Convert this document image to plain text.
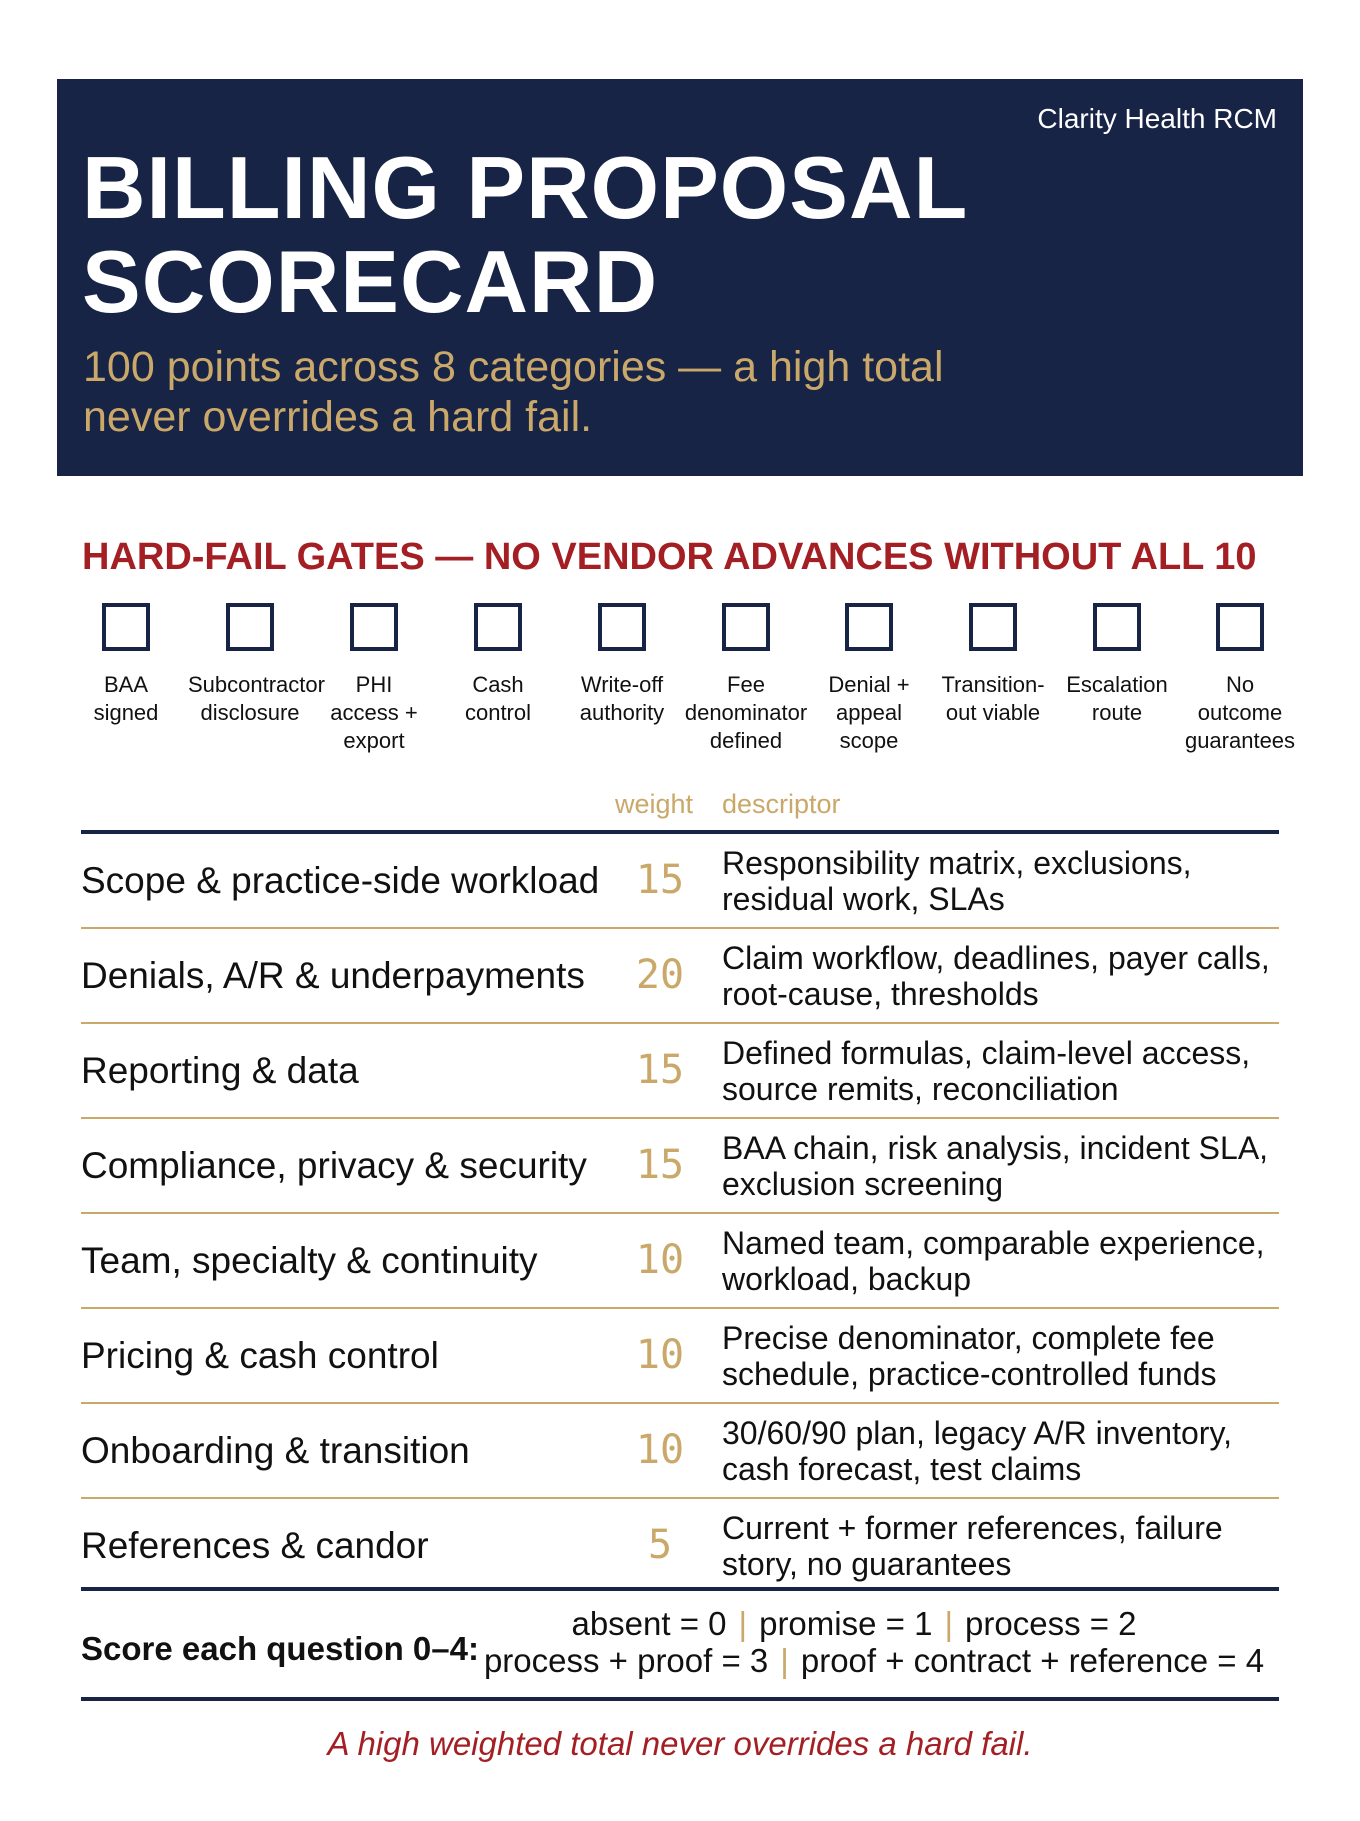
Clarity Health RCM
BILLING PROPOSAL
SCORECARD
100 points across 8 categories — a high total
never overrides a hard fail.
HARD-FAIL GATES — NO VENDOR ADVANCES WITHOUT ALL 10
BAA
signed
Subcontractor
disclosure
PHI
access +
export
Cash
control
Write-off
authority
Fee
denominator
defined
Denial +
appeal
scope
Transition-
out viable
Escalation
route
No
outcome
guarantees
weight descriptor
Scope & practice-side workload 15	Responsibility matrix, exclusions,
residual work, SLAs
Denials, A/R & underpayments	20	Claim workflow, deadlines, payer calls,
root-cause, thresholds
Reporting & data	15	Defined formulas, claim-level access,
source remits, reconciliation
Compliance, privacy & security	15	BAA chain, risk analysis, incident SLA,
exclusion screening
Team, specialty & continuity	10	Named team, comparable experience,
workload, backup
Pricing & cash control	10	Precise denominator, complete fee
schedule, practice-controlled funds
Onboarding & transition	10	30/60/90 plan, legacy A/R inventory,
cash forecast, test claims
References & candor	5	Current + former references, failure
story, no guarantees
Score each question 0–4:
absent = 0 | promise = 1 | process = 2
process + proof = 3 | proof + contract + reference = 4
A high weighted total never overrides a hard fail.
